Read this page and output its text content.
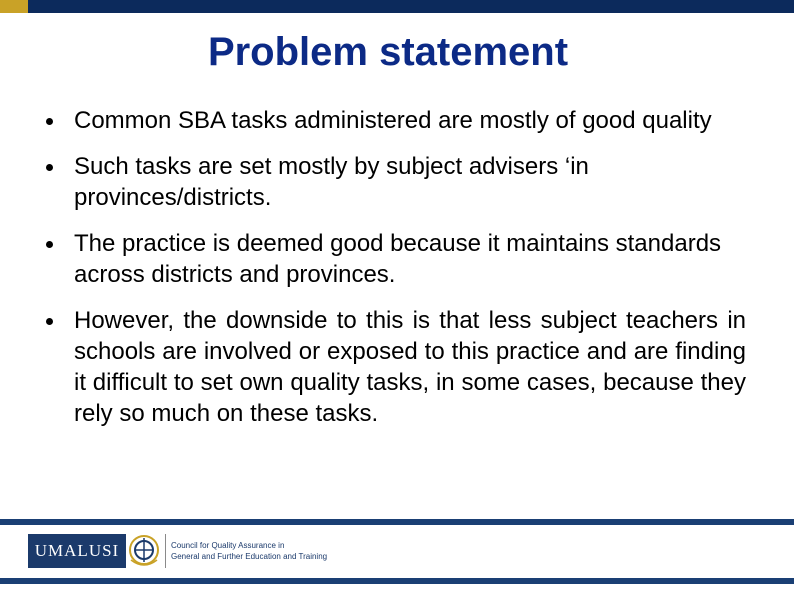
Problem statement
Common SBA tasks administered are mostly of good quality
Such tasks are set mostly by subject advisers ‘in provinces/districts.
The practice is deemed good because it maintains standards across districts and provinces.
However, the downside to this is that less subject teachers in schools are involved or exposed to this practice and are finding it difficult to set own quality tasks, in some cases, because they rely so much on these tasks.
UMALUSI	Council for Quality Assurance in
General and Further Education and Training
